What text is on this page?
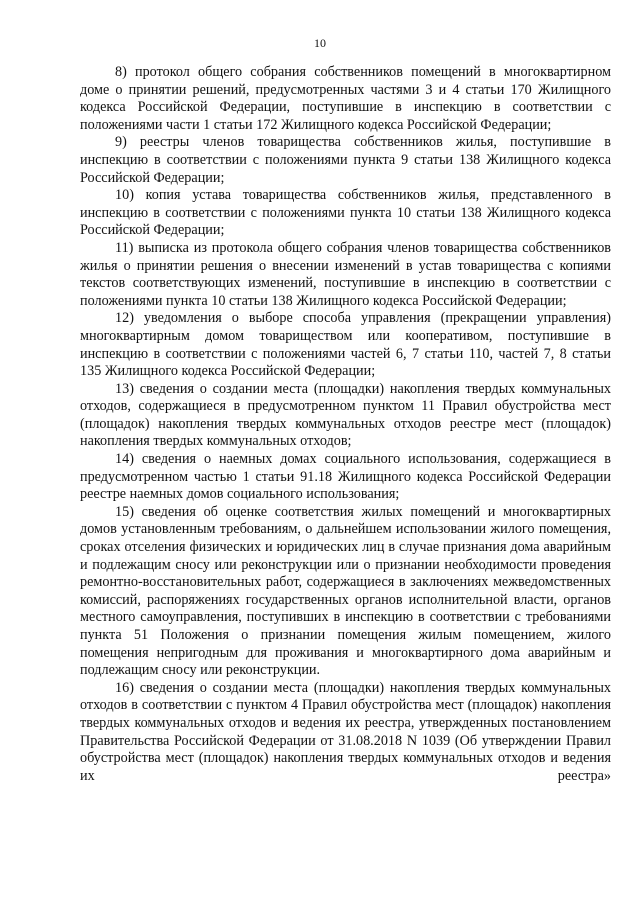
10

8) протокол общего собрания собственников помещений в многоквартирном доме о принятии решений, предусмотренных частями 3 и 4 статьи 170 Жилищного кодекса Российской Федерации, поступившие в инспекцию в соответствии с положениями части 1 статьи 172 Жилищного кодекса Российской Федерации;

9) реестры членов товарищества собственников жилья, поступившие в инспекцию в соответствии с положениями пункта 9 статьи 138 Жилищного кодекса Российской Федерации;

10) копия устава товарищества собственников жилья, представленного в инспекцию в соответствии с положениями пункта 10 статьи 138 Жилищного кодекса Российской Федерации;

11) выписка из протокола общего собрания членов товарищества собственников жилья о принятии решения о внесении изменений в устав товарищества с копиями текстов соответствующих изменений, поступившие в инспекцию в соответствии с положениями пункта 10 статьи 138 Жилищного кодекса Российской Федерации;

12) уведомления о выборе способа управления (прекращении управления) многоквартирным домом товариществом или кооперативом, поступившие в инспекцию в соответствии с положениями частей 6, 7 статьи 110, частей 7, 8 статьи 135 Жилищного кодекса Российской Федерации;

13) сведения о создании места (площадки) накопления твердых коммунальных отходов, содержащиеся в предусмотренном пунктом 11 Правил обустройства мест (площадок) накопления твердых коммунальных отходов реестре мест (площадок) накопления твердых коммунальных отходов;

14) сведения о наемных домах социального использования, содержащиеся в предусмотренном частью 1 статьи 91.18 Жилищного кодекса Российской Федерации реестре наемных домов социального использования;

15) сведения об оценке соответствия жилых помещений и многоквартирных домов установленным требованиям, о дальнейшем использовании жилого помещения, сроках отселения физических и юридических лиц в случае признания дома аварийным и подлежащим сносу или реконструкции или о признании необходимости проведения ремонтно-восстановительных работ, содержащиеся в заключениях межведомственных комиссий, распоряжениях государственных органов исполнительной власти, органов местного самоуправления, поступивших в инспекцию в соответствии с требованиями пункта 51 Положения о признании помещения жилым помещением, жилого помещения непригодным для проживания и многоквартирного дома аварийным и подлежащим сносу или реконструкции.

16) сведения о создании места (площадки) накопления твердых коммунальных отходов в соответствии с пунктом 4 Правил обустройства мест (площадок) накопления твердых коммунальных отходов и ведения их реестра, утвержденных постановлением Правительства Российской Федерации от 31.08.2018 N 1039 (Об утверждении Правил обустройства мест (площадок) накопления твердых коммунальных отходов и ведения их реестра»
